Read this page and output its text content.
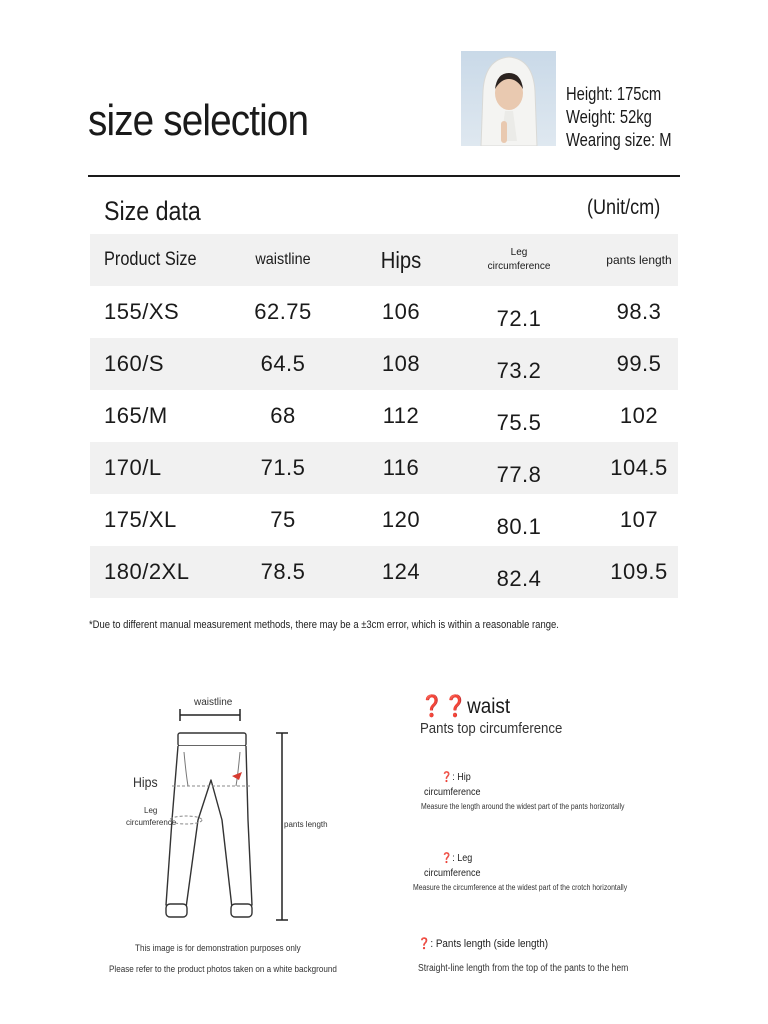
size selection
Height: 175cm
Weight: 52kg
Wearing size: M
Size data	(Unit/cm)
Product Size	waistline	Hips	Leg
circumference	pants length
155/XS	62.75	106	72.1	98.3
160/S	64.5	108	73.2	99.5
165/M	68	112	75.5	102
170/L	71.5	116	77.8	104.5
175/XL	75	120	80.1	107
180/2XL	78.5	124	82.4	109.5
*Due to different manual measurement methods, there may be a ±3cm error, which is within a reasonable range.
waistline
Hips
Leg
circumference	pants length
This image is for demonstration purposes only
Please refer to the product photos taken on a white background
❓❓waist
Pants top circumference
❓: Hip
circumference
Measure the length around the widest part of the pants horizontally
❓: Leg
circumference
Measure the circumference at the widest part of the crotch horizontally
❓: Pants length (side length)
Straight-line length from the top of the pants to the hem
